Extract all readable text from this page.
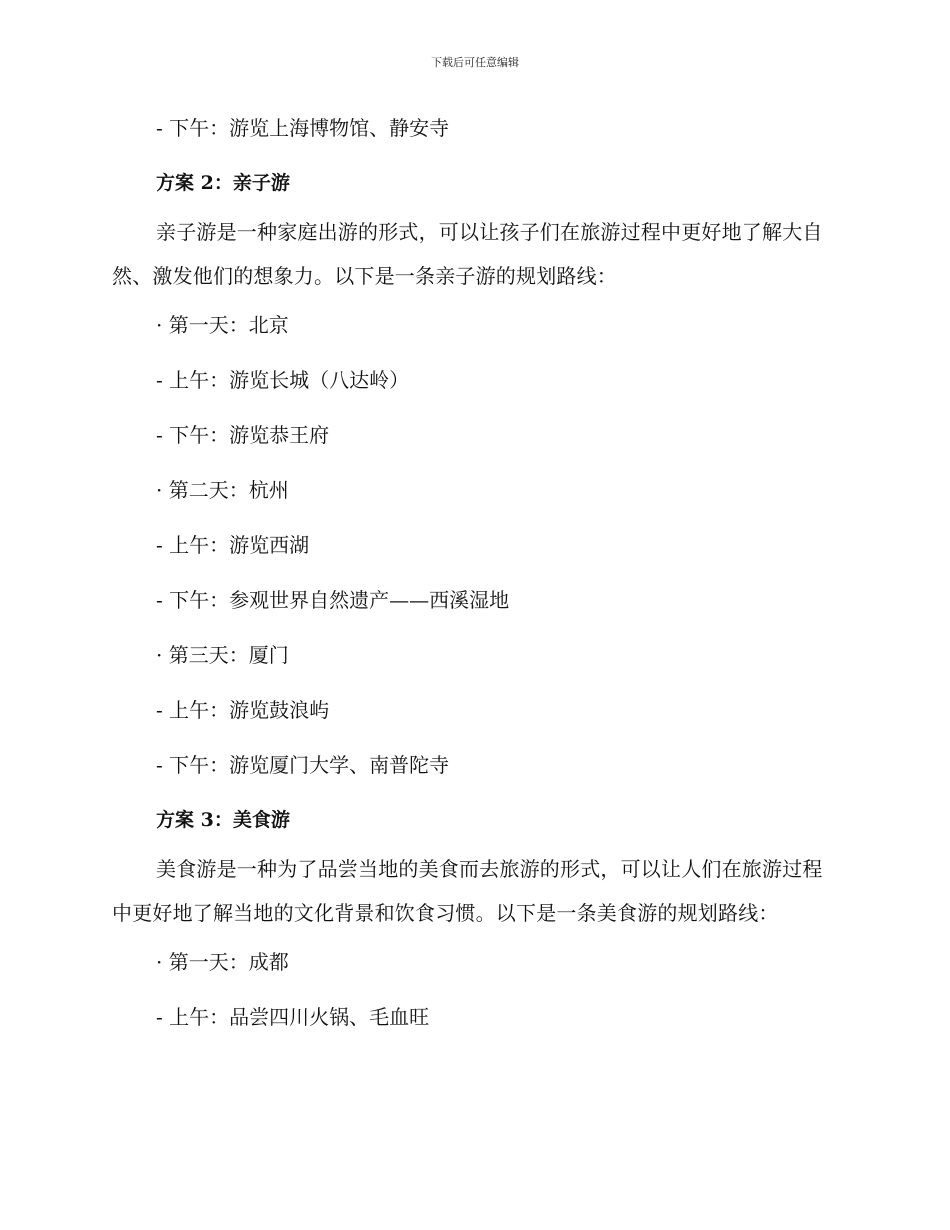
下载后可任意编辑

- 下午：游览上海博物馆、静安寺

方案 2：亲子游

亲子游是一种家庭出游的形式，可以让孩子们在旅游过程中更好地了解大自然、激发他们的想象力。以下是一条亲子游的规划路线：

· 第一天：北京

- 上午：游览长城（八达岭）

- 下午：游览恭王府

· 第二天：杭州

- 上午：游览西湖

- 下午：参观世界自然遗产——西溪湿地

· 第三天：厦门

- 上午：游览鼓浪屿

- 下午：游览厦门大学、南普陀寺

方案 3：美食游

美食游是一种为了品尝当地的美食而去旅游的形式，可以让人们在旅游过程中更好地了解当地的文化背景和饮食习惯。以下是一条美食游的规划路线：

· 第一天：成都

- 上午：品尝四川火锅、毛血旺
